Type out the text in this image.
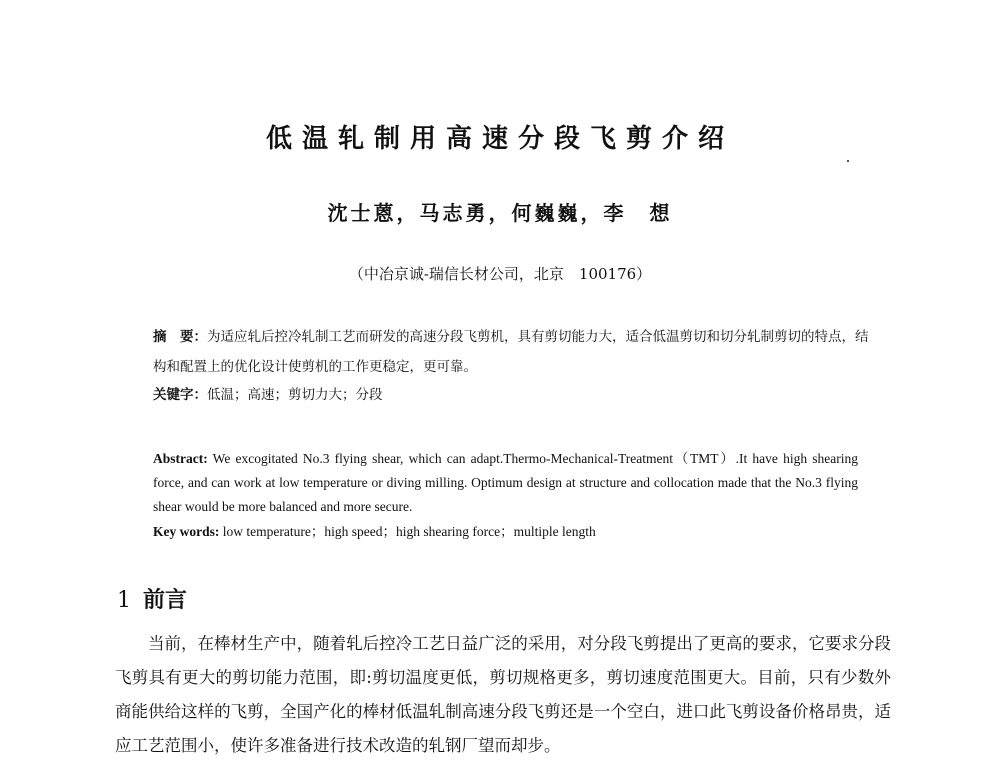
低温轧制用高速分段飞剪介绍
沈士蒽，马志勇，何巍巍，李　想
（中冶京诚-瑞信长材公司，北京　100176）
摘　要：为适应轧后控冷轧制工艺而研发的高速分段飞剪机，具有剪切能力大，适合低温剪切和切分轧制剪切的特点，结构和配置上的优化设计使剪机的工作更稳定，更可靠。
关键字：低温；高速；剪切力大；分段
Abstract: We excogitated No.3 flying shear, which can adapt.Thermo-Mechanical-Treatment（TMT）.It have high shearing force, and can work at low temperature or diving milling. Optimum design at structure and collocation made that the No.3 flying shear would be more balanced and more secure.
Key words: low temperature；high speed；high shearing force；multiple length
1 前言
当前，在棒材生产中，随着轧后控冷工艺日益广泛的采用，对分段飞剪提出了更高的要求，它要求分段飞剪具有更大的剪切能力范围，即:剪切温度更低，剪切规格更多，剪切速度范围更大。目前，只有少数外商能供给这样的飞剪，全国产化的棒材低温轧制高速分段飞剪还是一个空白，进口此飞剪设备价格昂贵，适应工艺范围小，使许多准备进行技术改造的轧钢厂望而却步。
